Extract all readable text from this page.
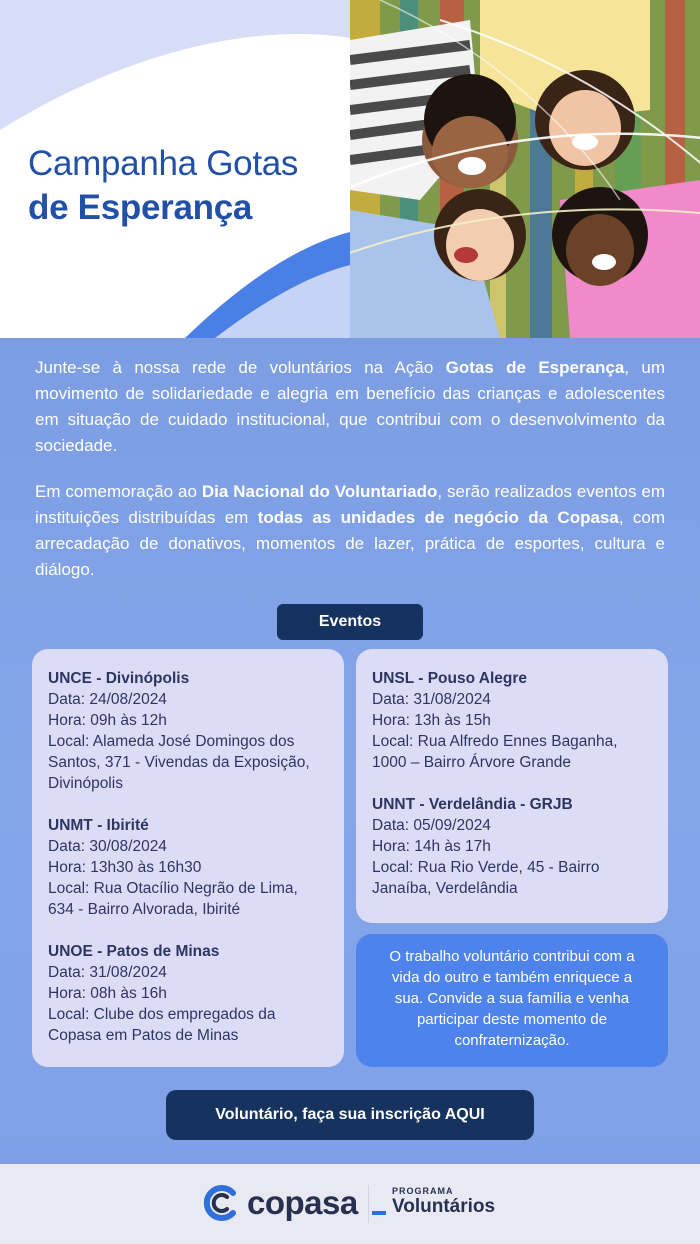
Campanha Gotas
de Esperança

Junte-se à nossa rede de voluntários na Ação Gotas de Esperança, um movimento de solidariedade e alegria em benefício das crianças e adolescentes em situação de cuidado institucional, que contribui com o desenvolvimento da sociedade.

Em comemoração ao Dia Nacional do Voluntariado, serão realizados eventos em instituições distribuídas em todas as unidades de negócio da Copasa, com arrecadação de donativos, momentos de lazer, prática de esportes, cultura e diálogo.

Eventos
UNCE - Divinópolis
Data: 24/08/2024
Hora: 09h às 12h
Local: Alameda José Domingos dos Santos, 371 - Vivendas da Exposição, Divinópolis
UNMT - Ibirité
Data: 30/08/2024
Hora: 13h30 às 16h30
Local: Rua Otacílio Negrão de Lima, 634 - Bairro Alvorada, Ibirité
UNOE - Patos de Minas
Data: 31/08/2024
Hora: 08h às 16h
Local: Clube dos empregados da Copasa em Patos de Minas
UNSL - Pouso Alegre
Data: 31/08/2024
Hora: 13h às 15h
Local: Rua Alfredo Ennes Baganha, 1000 – Bairro Árvore Grande
UNNT - Verdelândia - GRJB
Data: 05/09/2024
Hora: 14h às 17h
Local: Rua Rio Verde, 45 - Bairro Janaíba, Verdelândia
O trabalho voluntário contribui com a vida do outro e também enriquece a sua. Convide a sua família e venha participar deste momento de confraternização.
Voluntário, faça sua inscrição AQUI
copasa	PROGRAMA
Voluntários
